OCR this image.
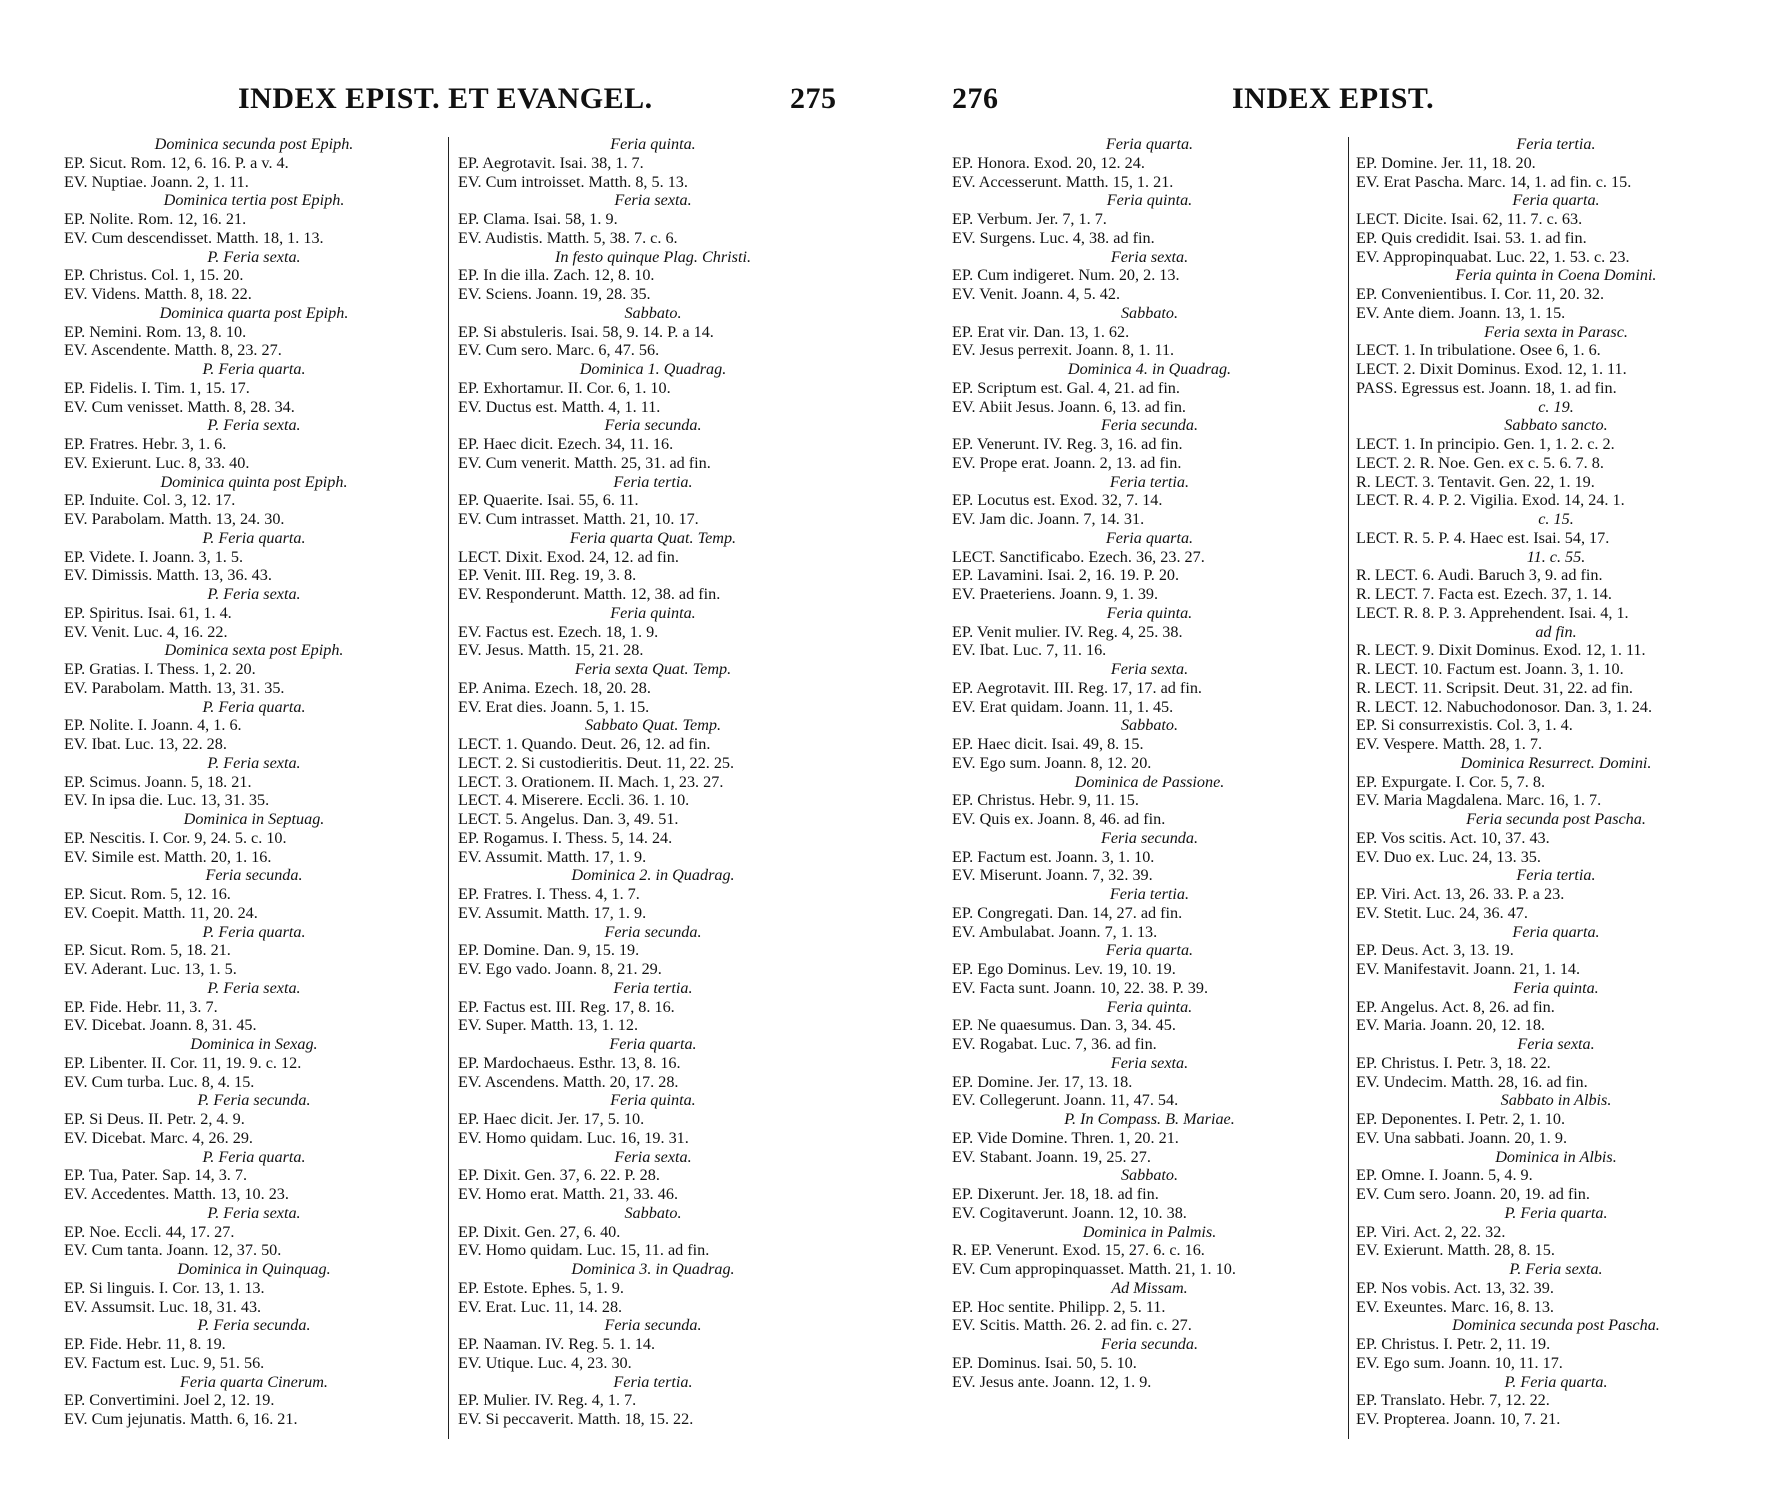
INDEX EPIST. ET EVANGEL.	275
Dominica secunda post Epiph.
EP. Sicut. Rom. 12, 6. 16. P. a v. 4.
EV. Nuptiae. Joann. 2, 1. 11.
Dominica tertia post Epiph.
EP. Nolite. Rom. 12, 16. 21.
EV. Cum descendisset. Matth. 18, 1. 13.
P. Feria sexta.
EP. Christus. Col. 1, 15. 20.
EV. Videns. Matth. 8, 18. 22.
Dominica quarta post Epiph.
EP. Nemini. Rom. 13, 8. 10.
EV. Ascendente. Matth. 8, 23. 27.
P. Feria quarta.
EP. Fidelis. I. Tim. 1, 15. 17.
EV. Cum venisset. Matth. 8, 28. 34.
P. Feria sexta.
EP. Fratres. Hebr. 3, 1. 6.
EV. Exierunt. Luc. 8, 33. 40.
Dominica quinta post Epiph.
EP. Induite. Col. 3, 12. 17.
EV. Parabolam. Matth. 13, 24. 30.
P. Feria quarta.
EP. Videte. I. Joann. 3, 1. 5.
EV. Dimissis. Matth. 13, 36. 43.
P. Feria sexta.
EP. Spiritus. Isai. 61, 1. 4.
EV. Venit. Luc. 4, 16. 22.
Dominica sexta post Epiph.
EP. Gratias. I. Thess. 1, 2. 20.
EV. Parabolam. Matth. 13, 31. 35.
P. Feria quarta.
EP. Nolite. I. Joann. 4, 1. 6.
EV. Ibat. Luc. 13, 22. 28.
P. Feria sexta.
EP. Scimus. Joann. 5, 18. 21.
EV. In ipsa die. Luc. 13, 31. 35.
Dominica in Septuag.
EP. Nescitis. I. Cor. 9, 24. 5. c. 10.
EV. Simile est. Matth. 20, 1. 16.
Feria secunda.
EP. Sicut. Rom. 5, 12. 16.
EV. Coepit. Matth. 11, 20. 24.
P. Feria quarta.
EP. Sicut. Rom. 5, 18. 21.
EV. Aderant. Luc. 13, 1. 5.
P. Feria sexta.
EP. Fide. Hebr. 11, 3. 7.
EV. Dicebat. Joann. 8, 31. 45.
Dominica in Sexag.
EP. Libenter. II. Cor. 11, 19. 9. c. 12.
EV. Cum turba. Luc. 8, 4. 15.
P. Feria secunda.
EP. Si Deus. II. Petr. 2, 4. 9.
EV. Dicebat. Marc. 4, 26. 29.
P. Feria quarta.
EP. Tua, Pater. Sap. 14, 3. 7.
EV. Accedentes. Matth. 13, 10. 23.
P. Feria sexta.
EP. Noe. Eccli. 44, 17. 27.
EV. Cum tanta. Joann. 12, 37. 50.
Dominica in Quinquag.
EP. Si linguis. I. Cor. 13, 1. 13.
EV. Assumsit. Luc. 18, 31. 43.
P. Feria secunda.
EP. Fide. Hebr. 11, 8. 19.
EV. Factum est. Luc. 9, 51. 56.
Feria quarta Cinerum.
EP. Convertimini. Joel 2, 12. 19.
EV. Cum jejunatis. Matth. 6, 16. 21.
Feria quinta.
EP. Aegrotavit. Isai. 38, 1. 7.
EV. Cum introisset. Matth. 8, 5. 13.
Feria sexta.
EP. Clama. Isai. 58, 1. 9.
EV. Audistis. Matth. 5, 38. 7. c. 6.
In festo quinque Plag. Christi.
EP. In die illa. Zach. 12, 8. 10.
EV. Sciens. Joann. 19, 28. 35.
Sabbato.
EP. Si abstuleris. Isai. 58, 9. 14. P. a 14.
EV. Cum sero. Marc. 6, 47. 56.
Dominica 1. Quadrag.
EP. Exhortamur. II. Cor. 6, 1. 10.
EV. Ductus est. Matth. 4, 1. 11.
Feria secunda.
EP. Haec dicit. Ezech. 34, 11. 16.
EV. Cum venerit. Matth. 25, 31. ad fin.
Feria tertia.
EP. Quaerite. Isai. 55, 6. 11.
EV. Cum intrasset. Matth. 21, 10. 17.
Feria quarta Quat. Temp.
LECT. Dixit. Exod. 24, 12. ad fin.
EP. Venit. III. Reg. 19, 3. 8.
EV. Responderunt. Matth. 12, 38. ad fin.
Feria quinta.
EV. Factus est. Ezech. 18, 1. 9.
EV. Jesus. Matth. 15, 21. 28.
Feria sexta Quat. Temp.
EP. Anima. Ezech. 18, 20. 28.
EV. Erat dies. Joann. 5, 1. 15.
Sabbato Quat. Temp.
LECT. 1. Quando. Deut. 26, 12. ad fin.
LECT. 2. Si custodieritis. Deut. 11, 22. 25.
LECT. 3. Orationem. II. Mach. 1, 23. 27.
LECT. 4. Miserere. Eccli. 36. 1. 10.
LECT. 5. Angelus. Dan. 3, 49. 51.
EP. Rogamus. I. Thess. 5, 14. 24.
EV. Assumit. Matth. 17, 1. 9.
Dominica 2. in Quadrag.
EP. Fratres. I. Thess. 4, 1. 7.
EV. Assumit. Matth. 17, 1. 9.
Feria secunda.
EP. Domine. Dan. 9, 15. 19.
EV. Ego vado. Joann. 8, 21. 29.
Feria tertia.
EP. Factus est. III. Reg. 17, 8. 16.
EV. Super. Matth. 13, 1. 12.
Feria quarta.
EP. Mardochaeus. Esthr. 13, 8. 16.
EV. Ascendens. Matth. 20, 17. 28.
Feria quinta.
EP. Haec dicit. Jer. 17, 5. 10.
EV. Homo quidam. Luc. 16, 19. 31.
Feria sexta.
EP. Dixit. Gen. 37, 6. 22. P. 28.
EV. Homo erat. Matth. 21, 33. 46.
Sabbato.
EP. Dixit. Gen. 27, 6. 40.
EV. Homo quidam. Luc. 15, 11. ad fin.
Dominica 3. in Quadrag.
EP. Estote. Ephes. 5, 1. 9.
EV. Erat. Luc. 11, 14. 28.
Feria secunda.
EP. Naaman. IV. Reg. 5. 1. 14.
EV. Utique. Luc. 4, 23. 30.
Feria tertia.
EP. Mulier. IV. Reg. 4, 1. 7.
EV. Si peccaverit. Matth. 18, 15. 22.
276	INDEX EPIST.
Feria quarta.
EP. Honora. Exod. 20, 12. 24.
EV. Accesserunt. Matth. 15, 1. 21.
Feria quinta.
EP. Verbum. Jer. 7, 1. 7.
EV. Surgens. Luc. 4, 38. ad fin.
Feria sexta.
EP. Cum indigeret. Num. 20, 2. 13.
EV. Venit. Joann. 4, 5. 42.
Sabbato.
EP. Erat vir. Dan. 13, 1. 62.
EV. Jesus perrexit. Joann. 8, 1. 11.
Dominica 4. in Quadrag.
EP. Scriptum est. Gal. 4, 21. ad fin.
EV. Abiit Jesus. Joann. 6, 13. ad fin.
Feria secunda.
EP. Venerunt. IV. Reg. 3, 16. ad fin.
EV. Prope erat. Joann. 2, 13. ad fin.
Feria tertia.
EP. Locutus est. Exod. 32, 7. 14.
EV. Jam dic. Joann. 7, 14. 31.
Feria quarta.
LECT. Sanctificabo. Ezech. 36, 23. 27.
EP. Lavamini. Isai. 2, 16. 19. P. 20.
EV. Praeteriens. Joann. 9, 1. 39.
Feria quinta.
EP. Venit mulier. IV. Reg. 4, 25. 38.
EV. Ibat. Luc. 7, 11. 16.
Feria sexta.
EP. Aegrotavit. III. Reg. 17, 17. ad fin.
EV. Erat quidam. Joann. 11, 1. 45.
Sabbato.
EP. Haec dicit. Isai. 49, 8. 15.
EV. Ego sum. Joann. 8, 12. 20.
Dominica de Passione.
EP. Christus. Hebr. 9, 11. 15.
EV. Quis ex. Joann. 8, 46. ad fin.
Feria secunda.
EP. Factum est. Joann. 3, 1. 10.
EV. Miserunt. Joann. 7, 32. 39.
Feria tertia.
EP. Congregati. Dan. 14, 27. ad fin.
EV. Ambulabat. Joann. 7, 1. 13.
Feria quarta.
EP. Ego Dominus. Lev. 19, 10. 19.
EV. Facta sunt. Joann. 10, 22. 38. P. 39.
Feria quinta.
EP. Ne quaesumus. Dan. 3, 34. 45.
EV. Rogabat. Luc. 7, 36. ad fin.
Feria sexta.
EP. Domine. Jer. 17, 13. 18.
EV. Collegerunt. Joann. 11, 47. 54.
P. In Compass. B. Mariae.
EP. Vide Domine. Thren. 1, 20. 21.
EV. Stabant. Joann. 19, 25. 27.
Sabbato.
EP. Dixerunt. Jer. 18, 18. ad fin.
EV. Cogitaverunt. Joann. 12, 10. 38.
Dominica in Palmis.
R. EP. Venerunt. Exod. 15, 27. 6. c. 16.
EV. Cum appropinquasset. Matth. 21, 1. 10.
Ad Missam.
EP. Hoc sentite. Philipp. 2, 5. 11.
EV. Scitis. Matth. 26. 2. ad fin. c. 27.
Feria secunda.
EP. Dominus. Isai. 50, 5. 10.
EV. Jesus ante. Joann. 12, 1. 9.
Feria tertia.
EP. Domine. Jer. 11, 18. 20.
EV. Erat Pascha. Marc. 14, 1. ad fin. c. 15.
Feria quarta.
LECT. Dicite. Isai. 62, 11. 7. c. 63.
EP. Quis credidit. Isai. 53. 1. ad fin.
EV. Appropinquabat. Luc. 22, 1. 53. c. 23.
Feria quinta in Coena Domini.
EP. Convenientibus. I. Cor. 11, 20. 32.
EV. Ante diem. Joann. 13, 1. 15.
Feria sexta in Parasc.
LECT. 1. In tribulatione. Osee 6, 1. 6.
LECT. 2. Dixit Dominus. Exod. 12, 1. 11.
PASS. Egressus est. Joann. 18, 1. ad fin.
c. 19.
Sabbato sancto.
LECT. 1. In principio. Gen. 1, 1. 2. c. 2.
LECT. 2. R. Noe. Gen. ex c. 5. 6. 7. 8.
R. LECT. 3. Tentavit. Gen. 22, 1. 19.
LECT. R. 4. P. 2. Vigilia. Exod. 14, 24. 1.
c. 15.
LECT. R. 5. P. 4. Haec est. Isai. 54, 17.
11. c. 55.
R. LECT. 6. Audi. Baruch 3, 9. ad fin.
R. LECT. 7. Facta est. Ezech. 37, 1. 14.
LECT. R. 8. P. 3. Apprehendent. Isai. 4, 1.
ad fin.
R. LECT. 9. Dixit Dominus. Exod. 12, 1. 11.
R. LECT. 10. Factum est. Joann. 3, 1. 10.
R. LECT. 11. Scripsit. Deut. 31, 22. ad fin.
R. LECT. 12. Nabuchodonosor. Dan. 3, 1. 24.
EP. Si consurrexistis. Col. 3, 1. 4.
EV. Vespere. Matth. 28, 1. 7.
Dominica Resurrect. Domini.
EP. Expurgate. I. Cor. 5, 7. 8.
EV. Maria Magdalena. Marc. 16, 1. 7.
Feria secunda post Pascha.
EP. Vos scitis. Act. 10, 37. 43.
EV. Duo ex. Luc. 24, 13. 35.
Feria tertia.
EP. Viri. Act. 13, 26. 33. P. a 23.
EV. Stetit. Luc. 24, 36. 47.
Feria quarta.
EP. Deus. Act. 3, 13. 19.
EV. Manifestavit. Joann. 21, 1. 14.
Feria quinta.
EP. Angelus. Act. 8, 26. ad fin.
EV. Maria. Joann. 20, 12. 18.
Feria sexta.
EP. Christus. I. Petr. 3, 18. 22.
EV. Undecim. Matth. 28, 16. ad fin.
Sabbato in Albis.
EP. Deponentes. I. Petr. 2, 1. 10.
EV. Una sabbati. Joann. 20, 1. 9.
Dominica in Albis.
EP. Omne. I. Joann. 5, 4. 9.
EV. Cum sero. Joann. 20, 19. ad fin.
P. Feria quarta.
EP. Viri. Act. 2, 22. 32.
EV. Exierunt. Matth. 28, 8. 15.
P. Feria sexta.
EP. Nos vobis. Act. 13, 32. 39.
EV. Exeuntes. Marc. 16, 8. 13.
Dominica secunda post Pascha.
EP. Christus. I. Petr. 2, 11. 19.
EV. Ego sum. Joann. 10, 11. 17.
P. Feria quarta.
EP. Translato. Hebr. 7, 12. 22.
EV. Propterea. Joann. 10, 7. 21.
